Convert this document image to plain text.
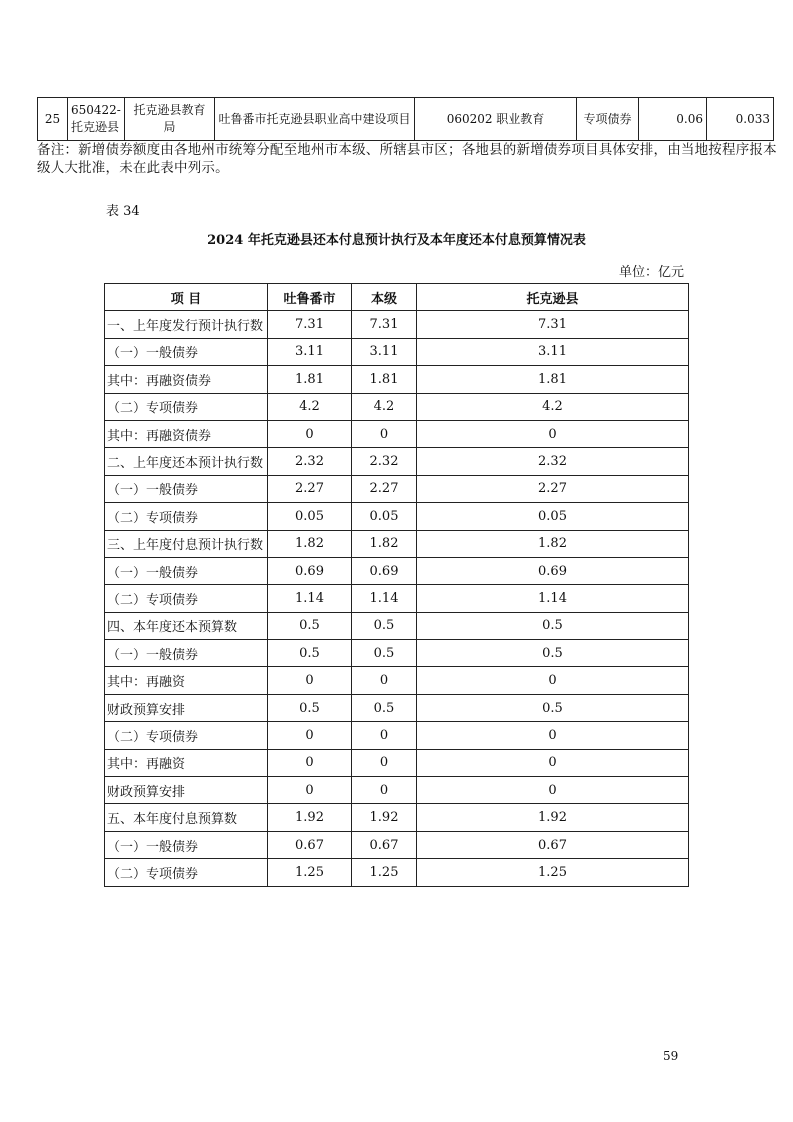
25	650422-托克逊县	托克逊县教育局	吐鲁番市托克逊县职业高中建设项目	060202 职业教育	专项债券	0.06	0.033
备注：新增债券额度由各地州市统筹分配至地州市本级、所辖县市区；各地县的新增债券项目具体安排，由当地按程序报本级人大批准，未在此表中列示。
表 34
2024 年托克逊县还本付息预计执行及本年度还本付息预算情况表
单位：亿元
项 目	吐鲁番市	本级	托克逊县
一、上年度发行预计执行数	7.31	7.31	7.31
（一）一般债券	3.11	3.11	3.11
其中：再融资债券	1.81	1.81	1.81
（二）专项债券	4.2	4.2	4.2
其中：再融资债券	0	0	0
二、上年度还本预计执行数	2.32	2.32	2.32
（一）一般债券	2.27	2.27	2.27
（二）专项债券	0.05	0.05	0.05
三、上年度付息预计执行数	1.82	1.82	1.82
（一）一般债券	0.69	0.69	0.69
（二）专项债券	1.14	1.14	1.14
四、本年度还本预算数	0.5	0.5	0.5
（一）一般债券	0.5	0.5	0.5
其中：再融资	0	0	0
财政预算安排	0.5	0.5	0.5
（二）专项债券	0	0	0
其中：再融资	0	0	0
财政预算安排	0	0	0
五、本年度付息预算数	1.92	1.92	1.92
（一）一般债券	0.67	0.67	0.67
（二）专项债券	1.25	1.25	1.25
59
